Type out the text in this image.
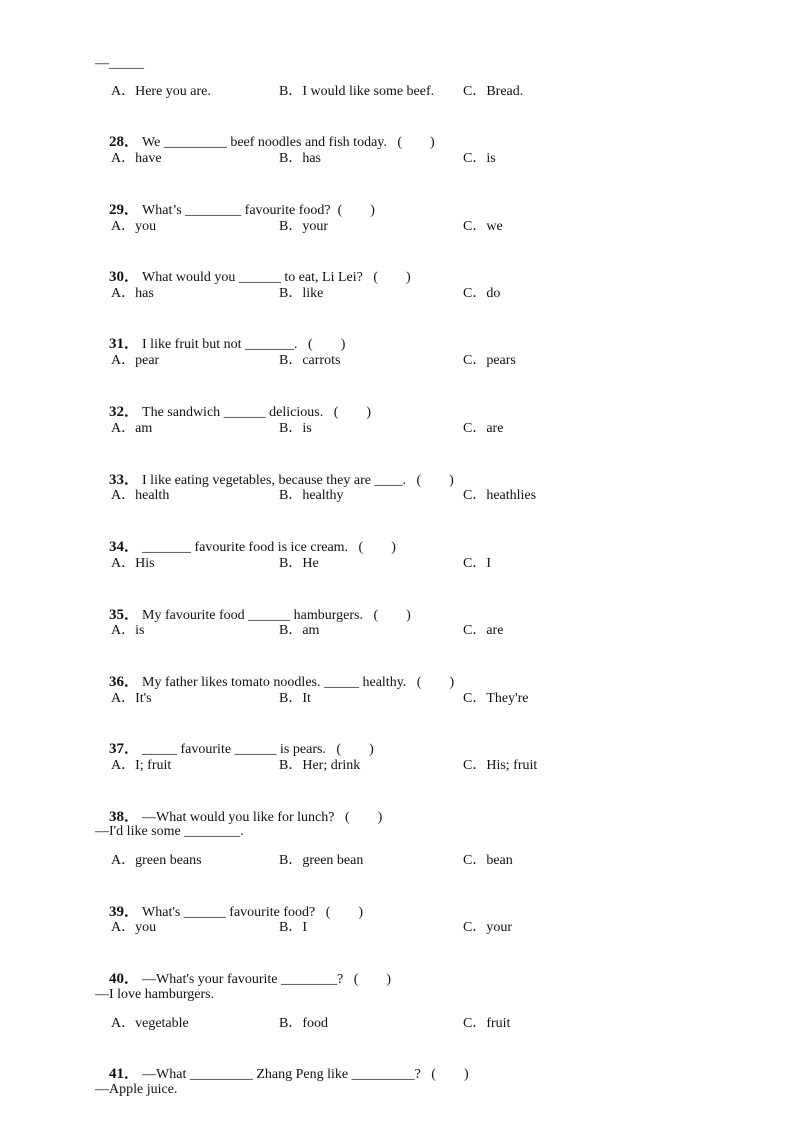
—_____

A．Here you are.

	B．I would like some beef.

C．Bread.

28． We _________ beef noodles and fish today.   (        )

A．have

	B．has

	C．is

29． What’s ________ favourite food?  (        )

A．you

	B．your

	C．we

30． What would you ______ to eat, Li Lei?   (        )

A．has

	B．like

	C．do

31． I like fruit but not _______.   (        )

A．pear

	B．carrots

	C．pears

32． The sandwich ______ delicious.   (        )

A．am

	B．is

	C．are

33． I like eating vegetables, because they are ____.   (        )

A．health

	B．healthy

	C．heathlies

34． _______ favourite food is ice cream.   (        )

A．His

	B．He

	C．I

35． My favourite food ______ hamburgers.   (        )

A．is

	B．am

	C．are

36． My father likes tomato noodles. _____ healthy.   (        )

A．It's

	B．It

	C．They're

37． _____ favourite ______ is pears.   (        )

A．I; fruit

	B．Her; drink

	C．His; fruit

38． —What would you like for lunch?   (        )

—I'd like some ________.

A．green beans

	B．green bean

	C．bean

39． What's ______ favourite food?   (        )

A．you

	B．I

	C．your

40． —What's your favourite ________?   (        )

—I love hamburgers.

A．vegetable

	B．food

	C．fruit

41． —What _________ Zhang Peng like _________?   (        )

—Apple juice.
